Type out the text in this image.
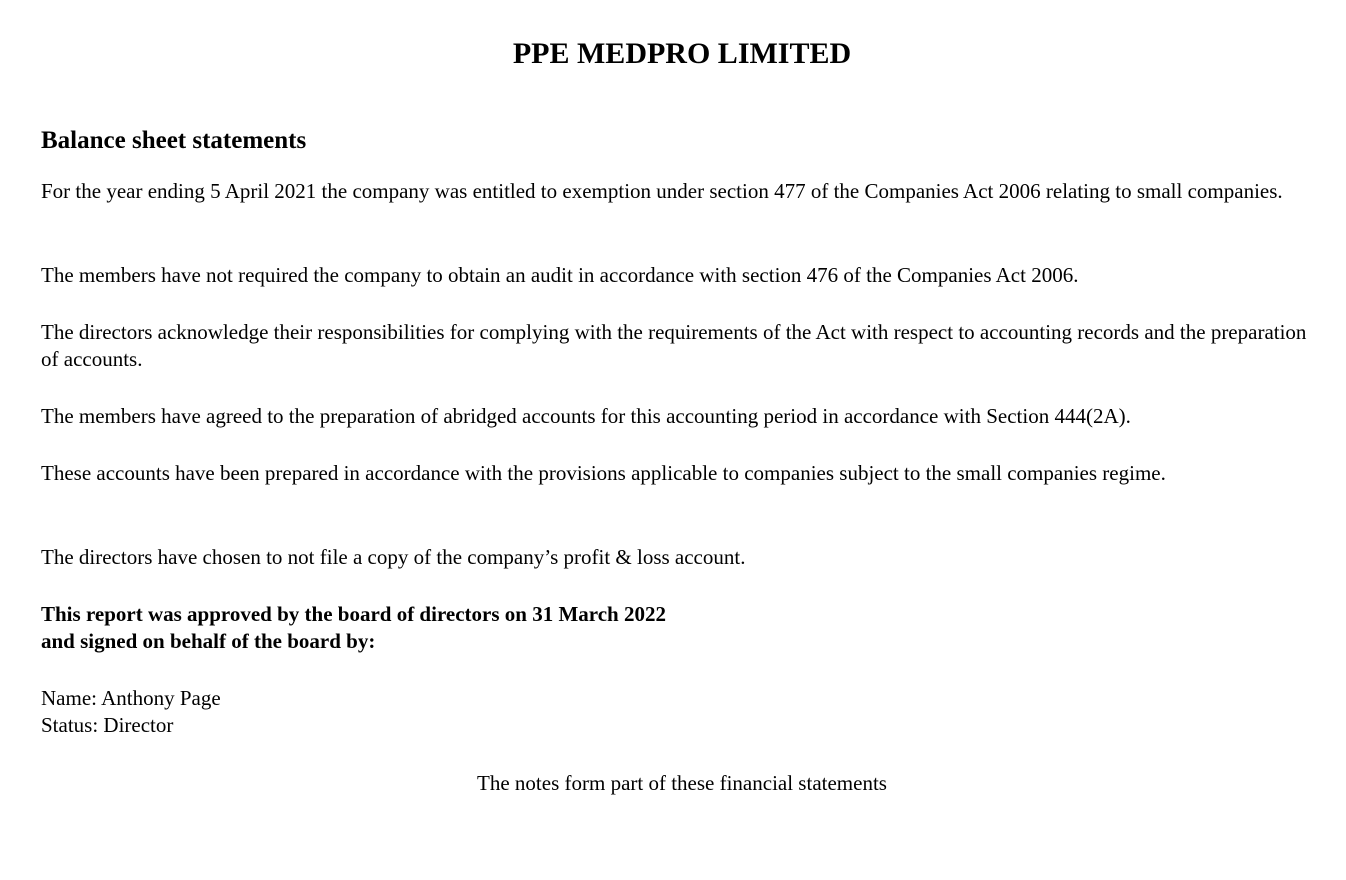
PPE MEDPRO LIMITED
Balance sheet statements

For the year ending 5 April 2021 the company was entitled to exemption under section 477 of the Companies Act 2006 relating to small companies.

The members have not required the company to obtain an audit in accordance with section 476 of the Companies Act 2006.

The directors acknowledge their responsibilities for complying with the requirements of the Act with respect to accounting records and the preparation of accounts.

The members have agreed to the preparation of abridged accounts for this accounting period in accordance with Section 444(2A).

These accounts have been prepared in accordance with the provisions applicable to companies subject to the small companies regime.

The directors have chosen to not file a copy of the company’s profit & loss account.

This report was approved by the board of directors on 31 March 2022
and signed on behalf of the board by:

Name: Anthony Page
Status: Director

The notes form part of these financial statements
